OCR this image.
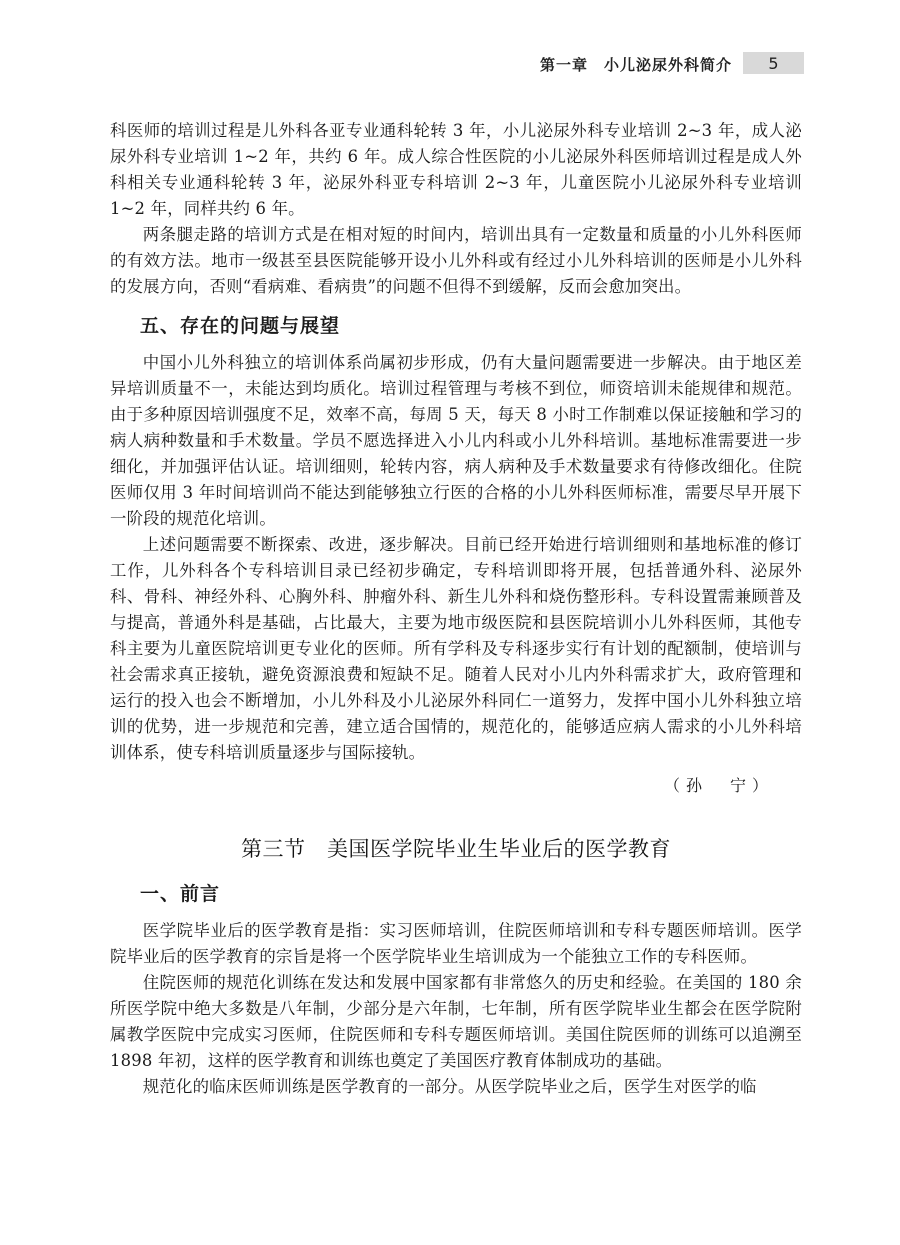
第一章　小儿泌尿外科简介	5

科医师的培训过程是儿外科各亚专业通科轮转 3 年，小儿泌尿外科专业培训 2~3 年，成人泌尿外科专业培训 1~2 年，共约 6 年。成人综合性医院的小儿泌尿外科医师培训过程是成人外科相关专业通科轮转 3 年，泌尿外科亚专科培训 2~3 年，儿童医院小儿泌尿外科专业培训 1~2 年，同样共约 6 年。

两条腿走路的培训方式是在相对短的时间内，培训出具有一定数量和质量的小儿外科医师的有效方法。地市一级甚至县医院能够开设小儿外科或有经过小儿外科培训的医师是小儿外科的发展方向，否则“看病难、看病贵”的问题不但得不到缓解，反而会愈加突出。

五、存在的问题与展望

中国小儿外科独立的培训体系尚属初步形成，仍有大量问题需要进一步解决。由于地区差异培训质量不一，未能达到均质化。培训过程管理与考核不到位，师资培训未能规律和规范。由于多种原因培训强度不足，效率不高，每周 5 天，每天 8 小时工作制难以保证接触和学习的病人病种数量和手术数量。学员不愿选择进入小儿内科或小儿外科培训。基地标准需要进一步细化，并加强评估认证。培训细则，轮转内容，病人病种及手术数量要求有待修改细化。住院医师仅用 3 年时间培训尚不能达到能够独立行医的合格的小儿外科医师标准，需要尽早开展下一阶段的规范化培训。

上述问题需要不断探索、改进，逐步解决。目前已经开始进行培训细则和基地标准的修订工作，儿外科各个专科培训目录已经初步确定，专科培训即将开展，包括普通外科、泌尿外科、骨科、神经外科、心胸外科、肿瘤外科、新生儿外科和烧伤整形科。专科设置需兼顾普及与提高，普通外科是基础，占比最大，主要为地市级医院和县医院培训小儿外科医师，其他专科主要为儿童医院培训更专业化的医师。所有学科及专科逐步实行有计划的配额制，使培训与社会需求真正接轨，避免资源浪费和短缺不足。随着人民对小儿内外科需求扩大，政府管理和运行的投入也会不断增加，小儿外科及小儿泌尿外科同仁一道努力，发挥中国小儿外科独立培训的优势，进一步规范和完善，建立适合国情的，规范化的，能够适应病人需求的小儿外科培训体系，使专科培训质量逐步与国际接轨。

（孙　宁）
第三节　美国医学院毕业生毕业后的医学教育
一、前言

医学院毕业后的医学教育是指：实习医师培训，住院医师培训和专科专题医师培训。医学院毕业后的医学教育的宗旨是将一个医学院毕业生培训成为一个能独立工作的专科医师。

住院医师的规范化训练在发达和发展中国家都有非常悠久的历史和经验。在美国的 180 余所医学院中绝大多数是八年制，少部分是六年制，七年制，所有医学院毕业生都会在医学院附属教学医院中完成实习医师，住院医师和专科专题医师培训。美国住院医师的训练可以追溯至 1898 年初，这样的医学教育和训练也奠定了美国医疗教育体制成功的基础。

规范化的临床医师训练是医学教育的一部分。从医学院毕业之后，医学生对医学的临
